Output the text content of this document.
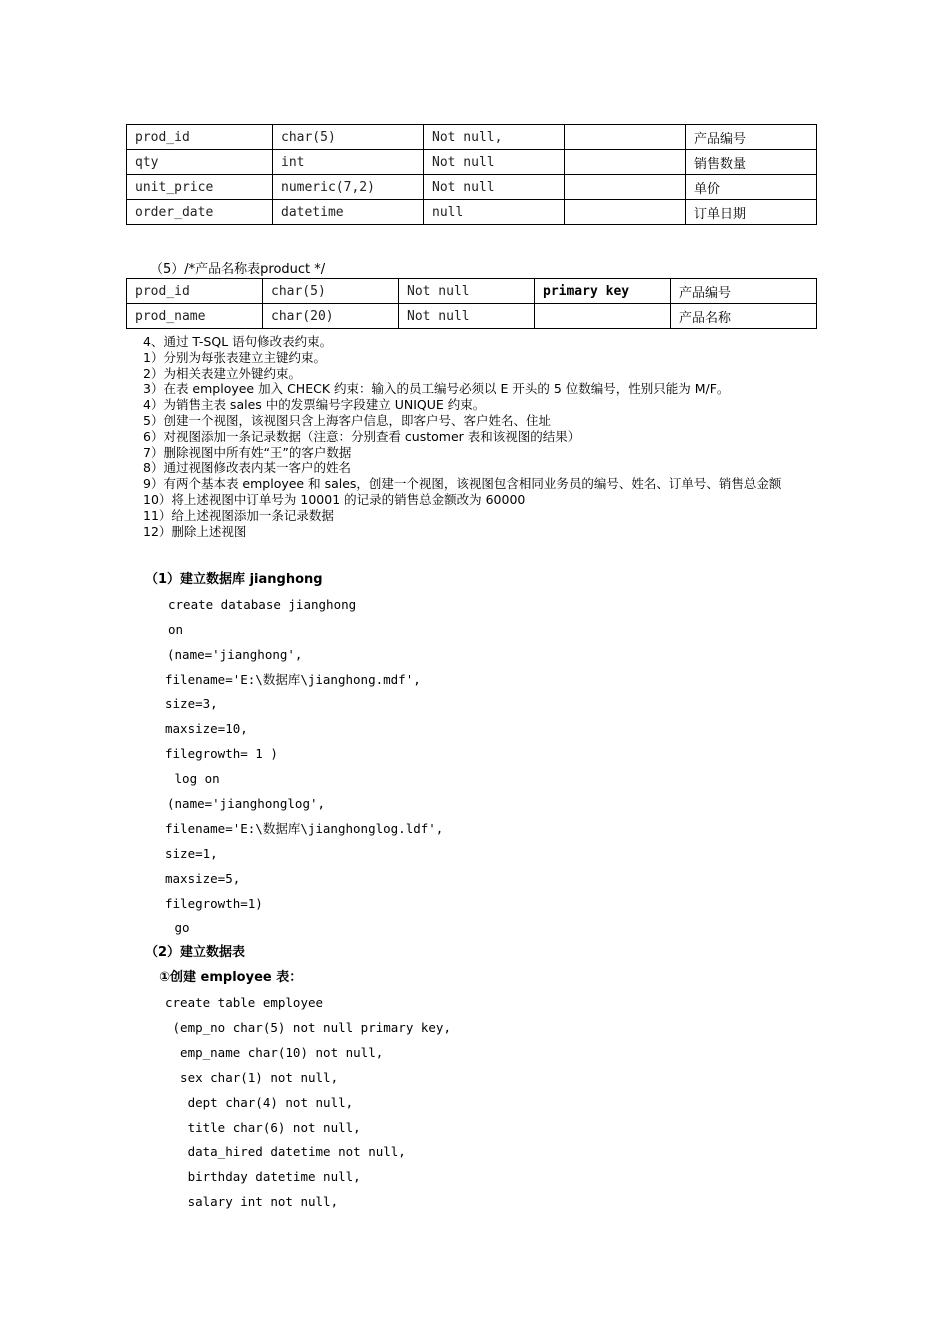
prod_id	char(5)	Not null,		产品编号
qty	int	Not null		销售数量
unit_price	numeric(7,2)	Not null		单价
order_date	datetime	null		订单日期
（5）/*产品名称表product */
prod_id	char(5)	Not null	primary key	产品编号
prod_name	char(20)	Not null		产品名称
4、通过 T-SQL 语句修改表约束。
1）分别为每张表建立主键约束。
2）为相关表建立外键约束。
3）在表 employee 加入 CHECK 约束：输入的员工编号必须以 E 开头的 5 位数编号，性别只能为 M/F。
4）为销售主表 sales 中的发票编号字段建立 UNIQUE 约束。
5）创建一个视图，该视图只含上海客户信息，即客户号、客户姓名、住址
6）对视图添加一条记录数据（注意：分别查看 customer 表和该视图的结果）
7）删除视图中所有姓“王”的客户数据
8）通过视图修改表内某一客户的姓名
9）有两个基本表 employee 和 sales，创建一个视图，该视图包含相同业务员的编号、姓名、订单号、销售总金额
10）将上述视图中订单号为 10001 的记录的销售总金额改为 60000
11）给上述视图添加一条记录数据
12）删除上述视图
（1）建立数据库 jianghong
create database jianghong
on
(name='jianghong',
filename='E:\数据库\jianghong.mdf',
size=3,
maxsize=10,
filegrowth= 1 )
log on
(name='jianghonglog',
filename='E:\数据库\jianghonglog.ldf',
size=1,
maxsize=5,
filegrowth=1)
go
（2）建立数据表
①创建 employee 表：
create table employee
(emp_no char(5) not null primary key,
emp_name char(10) not null,
sex char(1) not null,
dept char(4) not null,
title char(6) not null,
data_hired datetime not null,
birthday datetime null,
salary int not null,
